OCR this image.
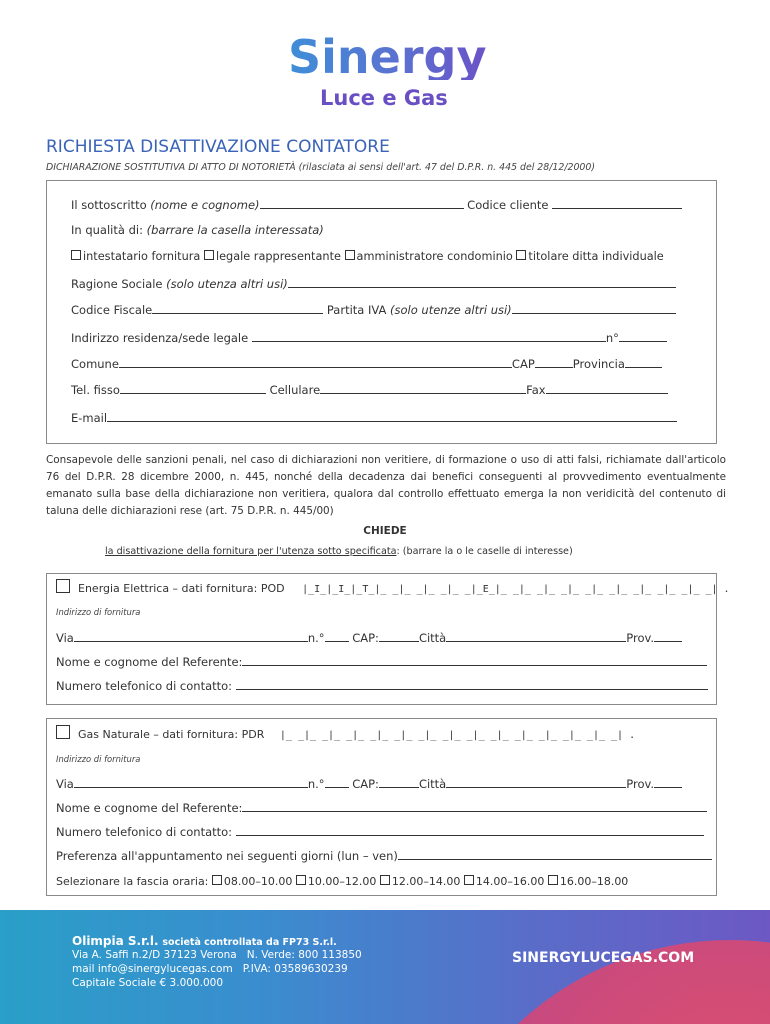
Sinergy
Luce e Gas
RICHIESTA DISATTIVAZIONE CONTATORE
DICHIARAZIONE SOSTITUTIVA DI ATTO DI NOTORIETÀ (rilasciata ai sensi dell'art. 47 del D.P.R. n. 445 del 28/12/2000)
Il sottoscritto (nome e cognome)	Codice cliente
In qualità di: (barrare la casella interessata)
intestatario fornitura legale rappresentante amministratore condominio titolare ditta individuale
Ragione Sociale (solo utenza altri usi)
Codice Fiscale	Partita IVA (solo utenze altri usi)
Indirizzo residenza/sede legale	n°
Comune	CAP	Provincia
Tel. fisso	Cellulare	Fax
E-mail
Consapevole delle sanzioni penali, nel caso di dichiarazioni non veritiere, di formazione o uso di atti falsi, richiamate dall'articolo 76 del D.P.R. 28 dicembre 2000, n. 445, nonché della decadenza dai benefici conseguenti al provvedimento eventualmente emanato sulla base della dichiarazione non veritiera, qualora dal controllo effettuato emerga la non veridicità del contenuto di taluna delle dichiarazioni rese (art. 75 D.P.R. n. 445/00)
CHIEDE
la disattivazione della fornitura per l'utenza sotto specificata: (barrare la o le caselle di interesse)
Energia Elettrica – dati fornitura: POD |_I_|_I_|_T_|_ _|_ _|_ _|_ _|_E_|_ _|_ _|_ _|_ _|_ _|_ _|_ _|_ _|_ _| .
Indirizzo di fornitura
Via	n.° CAP:	Città	Prov.
Nome e cognome del Referente:
Numero telefonico di contatto:
Gas Naturale – dati fornitura: PDR |_ _|_ _|_ _|_ _|_ _|_ _|_ _|_ _|_ _|_ _|_ _|_ _|_ _|_ _| .
Indirizzo di fornitura
Via	n.° CAP:	Città	Prov.
Nome e cognome del Referente:
Numero telefonico di contatto:
Preferenza all'appuntamento nei seguenti giorni (lun – ven)
Selezionare la fascia oraria: 08.00–10.00 10.00–12.00 12.00–14.00 14.00–16.00 16.00–18.00
Olimpia S.r.l. società controllata da FP73 S.r.l.
Via A. Saffi n.2/D 37123 Verona N. Verde: 800 113850
mail info@sinergylucegas.com P.IVA: 03589630239
Capitale Sociale € 3.000.000
SINERGYLUCEGAS.COM
